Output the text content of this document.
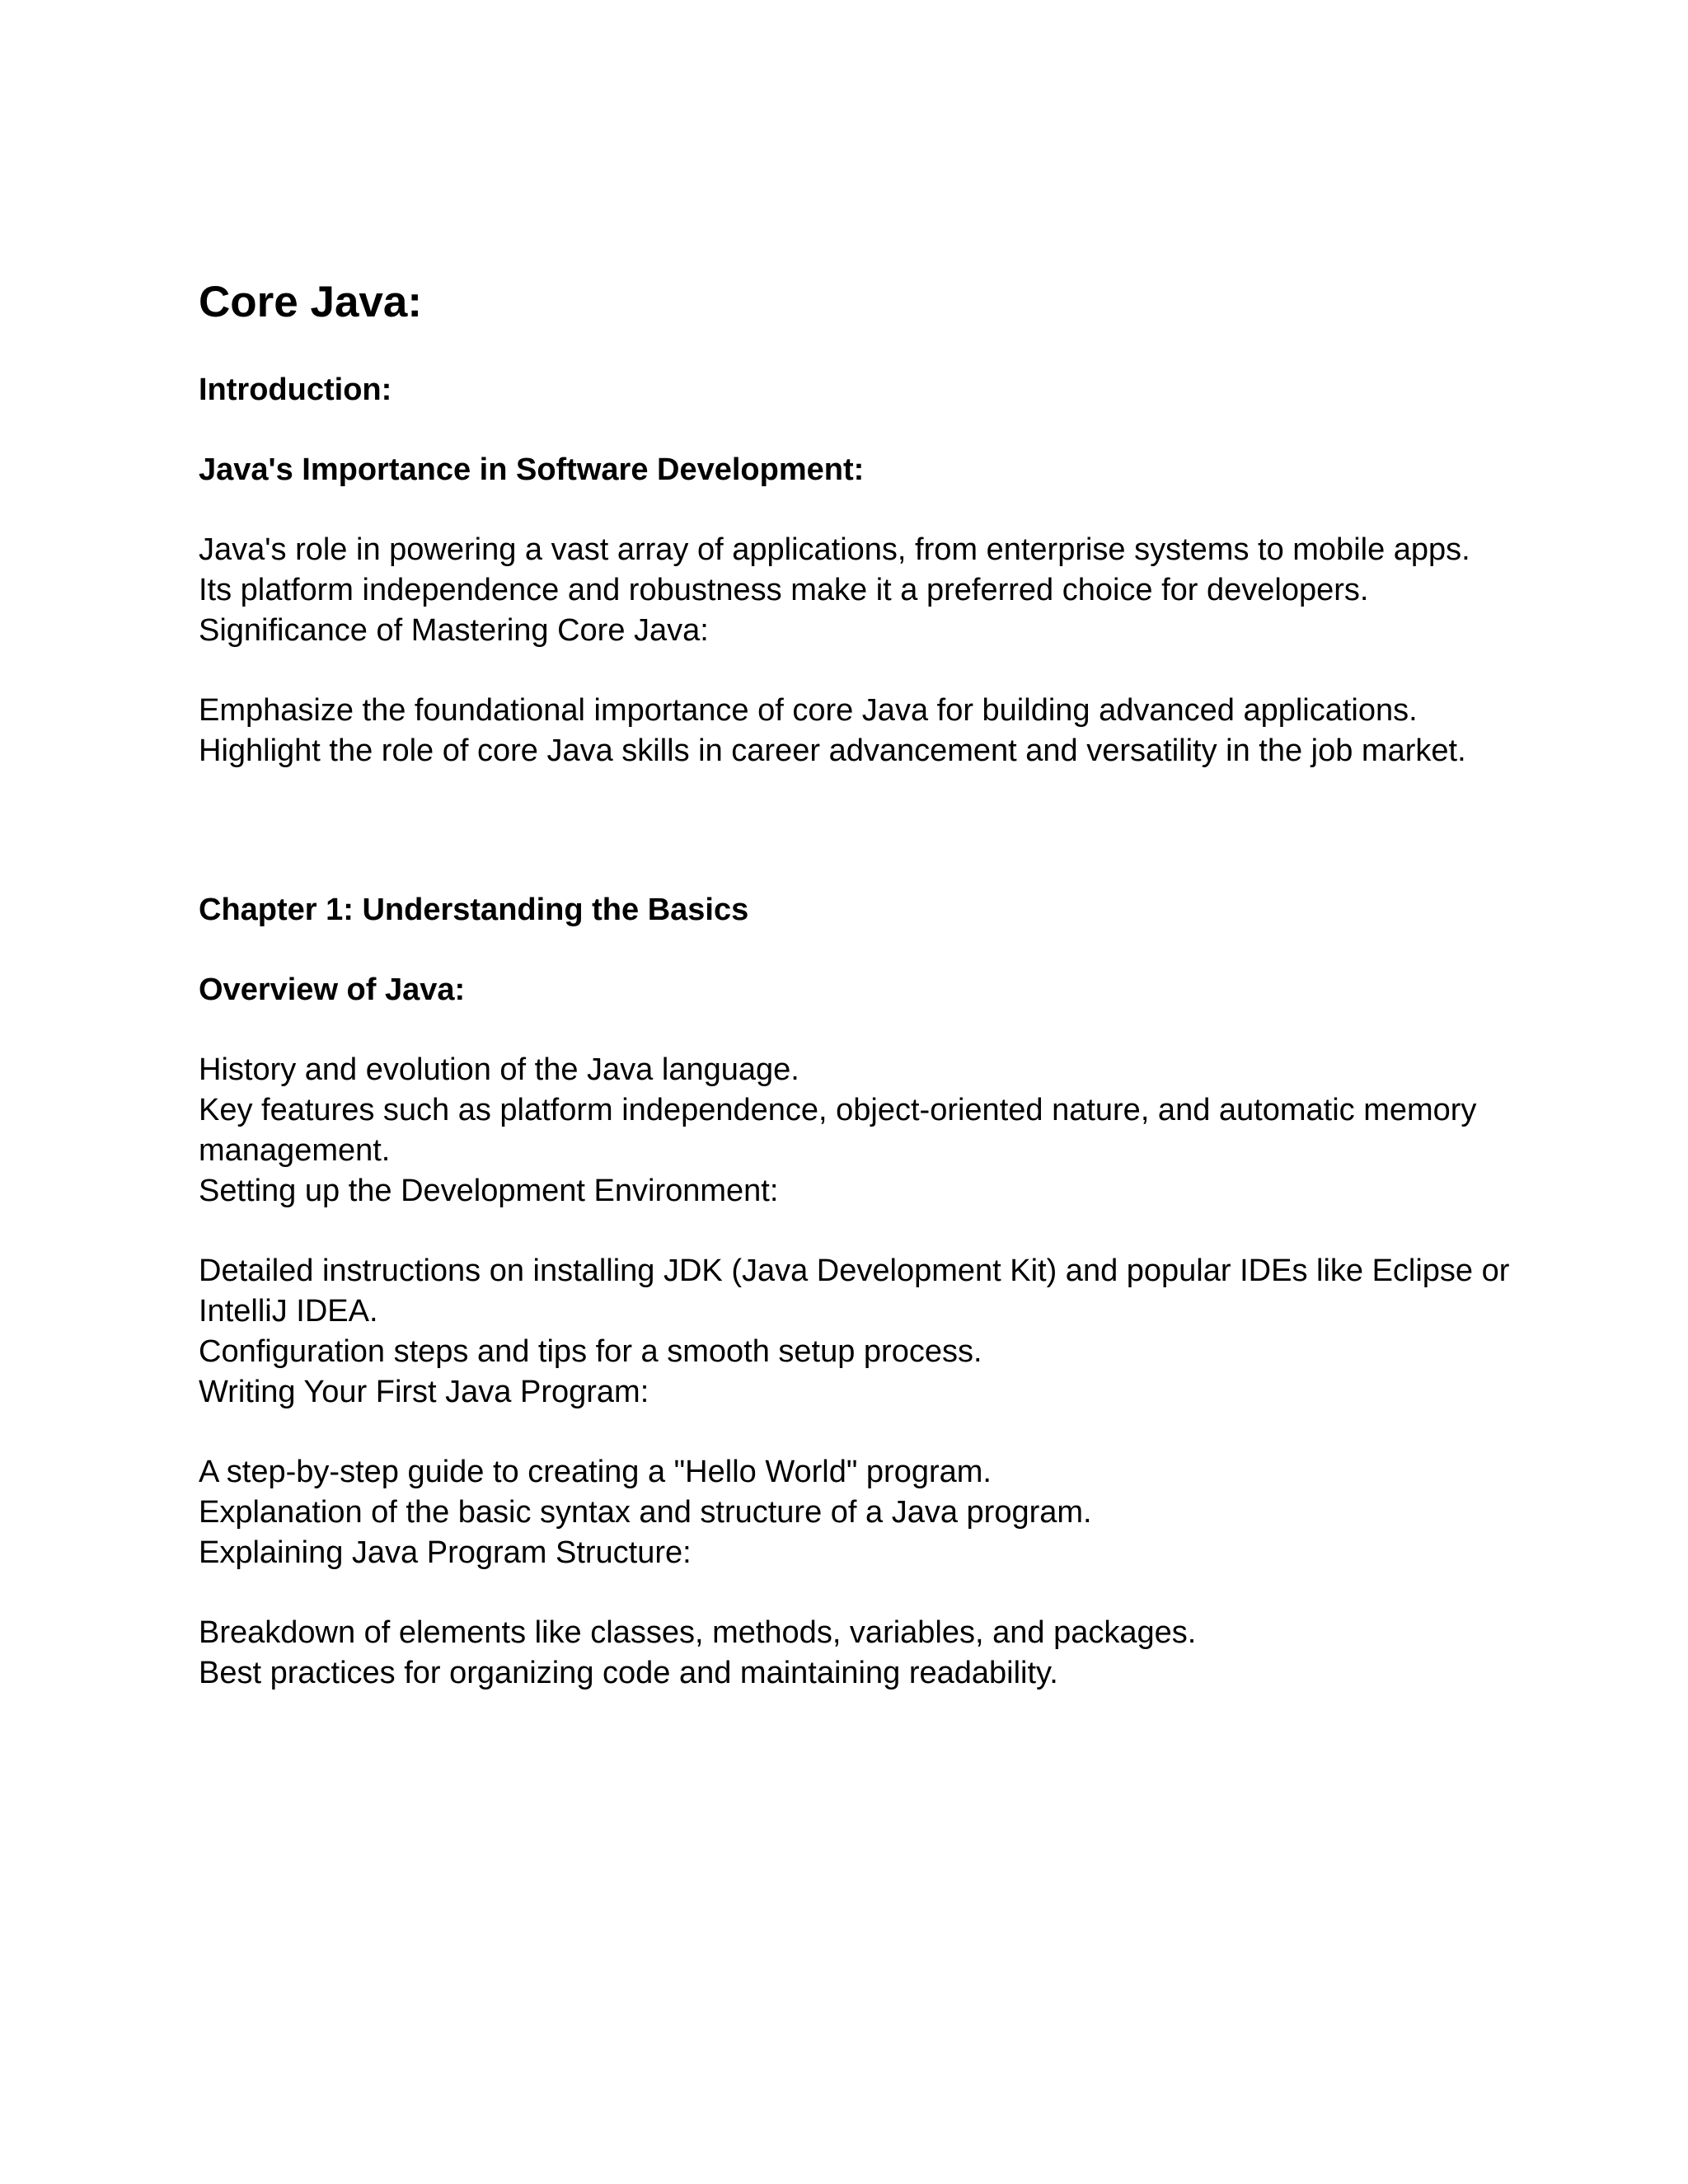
Core Java:

Introduction:

Java's Importance in Software Development:

Java's role in powering a vast array of applications, from enterprise systems to mobile apps.

Its platform independence and robustness make it a preferred choice for developers.

Significance of Mastering Core Java:

Emphasize the foundational importance of core Java for building advanced applications.

Highlight the role of core Java skills in career advancement and versatility in the job market.

Chapter 1: Understanding the Basics

Overview of Java:

History and evolution of the Java language.

Key features such as platform independence, object-oriented nature, and automatic memory

management.

Setting up the Development Environment:

Detailed instructions on installing JDK (Java Development Kit) and popular IDEs like Eclipse or

IntelliJ IDEA.

Configuration steps and tips for a smooth setup process.

Writing Your First Java Program:

A step-by-step guide to creating a "Hello World" program.

Explanation of the basic syntax and structure of a Java program.

Explaining Java Program Structure:

Breakdown of elements like classes, methods, variables, and packages.

Best practices for organizing code and maintaining readability.
